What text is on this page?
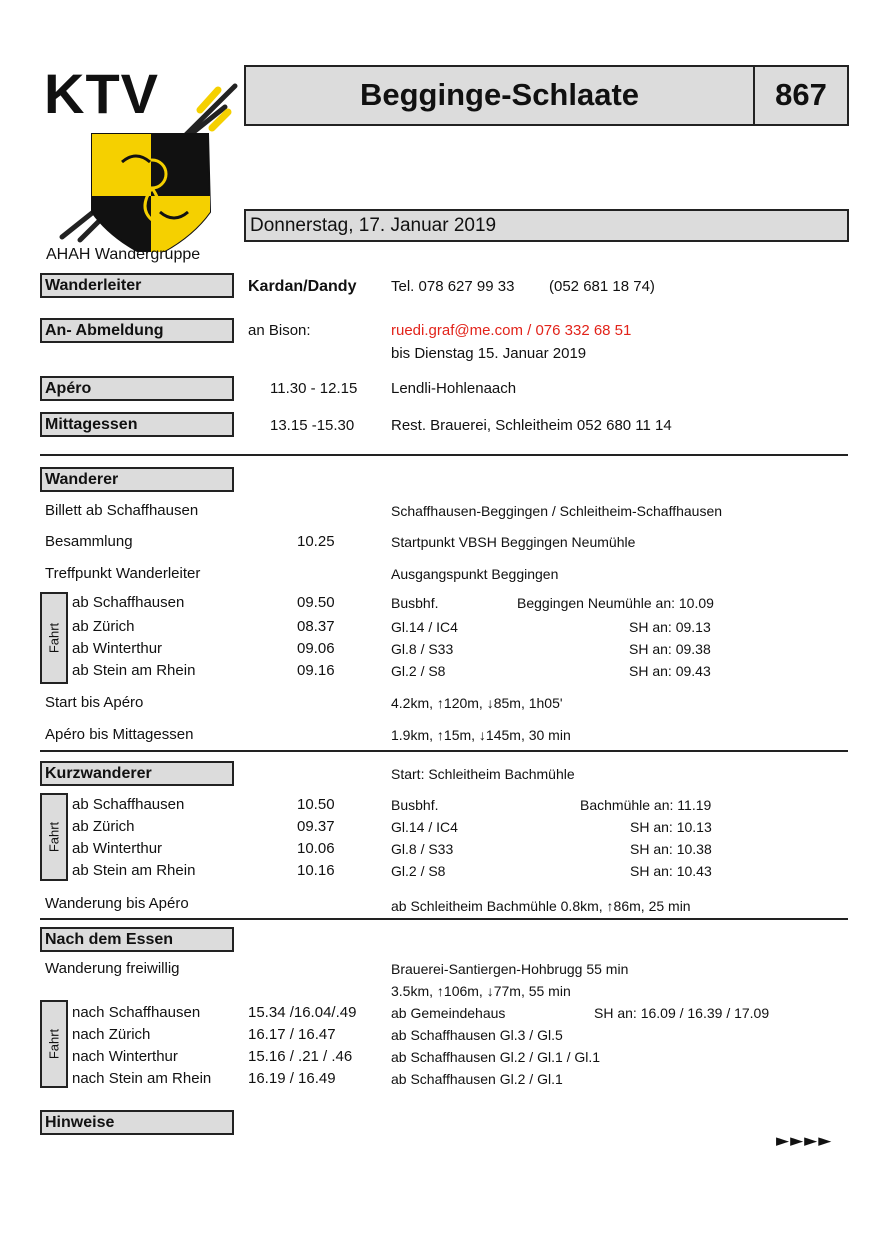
KTV
AHAH Wandergruppe
Begginge-Schlaate	867
Donnerstag, 17. Januar 2019
Wanderleiter	Kardan/Dandy Tel. 078 627 99 33 (052 681 18 74)
An- Abmeldung	an Bison:	ruedi.graf@me.com / 076 332 68 51
bis Dienstag 15. Januar 2019
Apéro	11.30 - 12.15 Lendli-Hohlenaach
Mittagessen	13.15 -15.30 Rest. Brauerei, Schleitheim 052 680 11 14
Wanderer
Billett ab Schaffhausen	Schaffhausen-Beggingen / Schleitheim-Schaffhausen
Besammlung	10.25	Startpunkt VBSH Beggingen Neumühle
Treffpunkt Wanderleiter	Ausgangspunkt Beggingen
Fahrt
ab Schaffhausen	09.50	Busbhf.	Beggingen Neumühle an: 10.09
ab Zürich	08.37	Gl.14 / IC4	SH an: 09.13
ab Winterthur	09.06	Gl.8 / S33	SH an: 09.38
ab Stein am Rhein	09.16	Gl.2 / S8	SH an: 09.43
Start bis Apéro	4.2km, ↑120m, ↓85m, 1h05'
Apéro bis Mittagessen	1.9km, ↑15m, ↓145m, 30 min
Kurzwanderer	Start: Schleitheim Bachmühle
Fahrt
ab Schaffhausen	10.50	Busbhf.	Bachmühle an: 11.19
ab Zürich	09.37	Gl.14 / IC4	SH an: 10.13
ab Winterthur	10.06	Gl.8 / S33	SH an: 10.38
ab Stein am Rhein	10.16	Gl.2 / S8	SH an: 10.43
Wanderung bis Apéro	ab Schleitheim Bachmühle 0.8km, ↑86m, 25 min
Nach dem Essen
Wanderung freiwillig	Brauerei-Santiergen-Hohbrugg 55 min
3.5km, ↑106m, ↓77m, 55 min
Fahrt
nach Schaffhausen	15.34 /16.04/.49 ab Gemeindehaus	SH an: 16.09 / 16.39 / 17.09
nach Zürich	16.17 / 16.47	ab Schaffhausen Gl.3 / Gl.5
nach Winterthur	15.16 / .21 / .46	ab Schaffhausen Gl.2 / Gl.1 / Gl.1
nach Stein am Rhein 16.19 / 16.49	ab Schaffhausen Gl.2 / Gl.1
Hinweise
►►►►
